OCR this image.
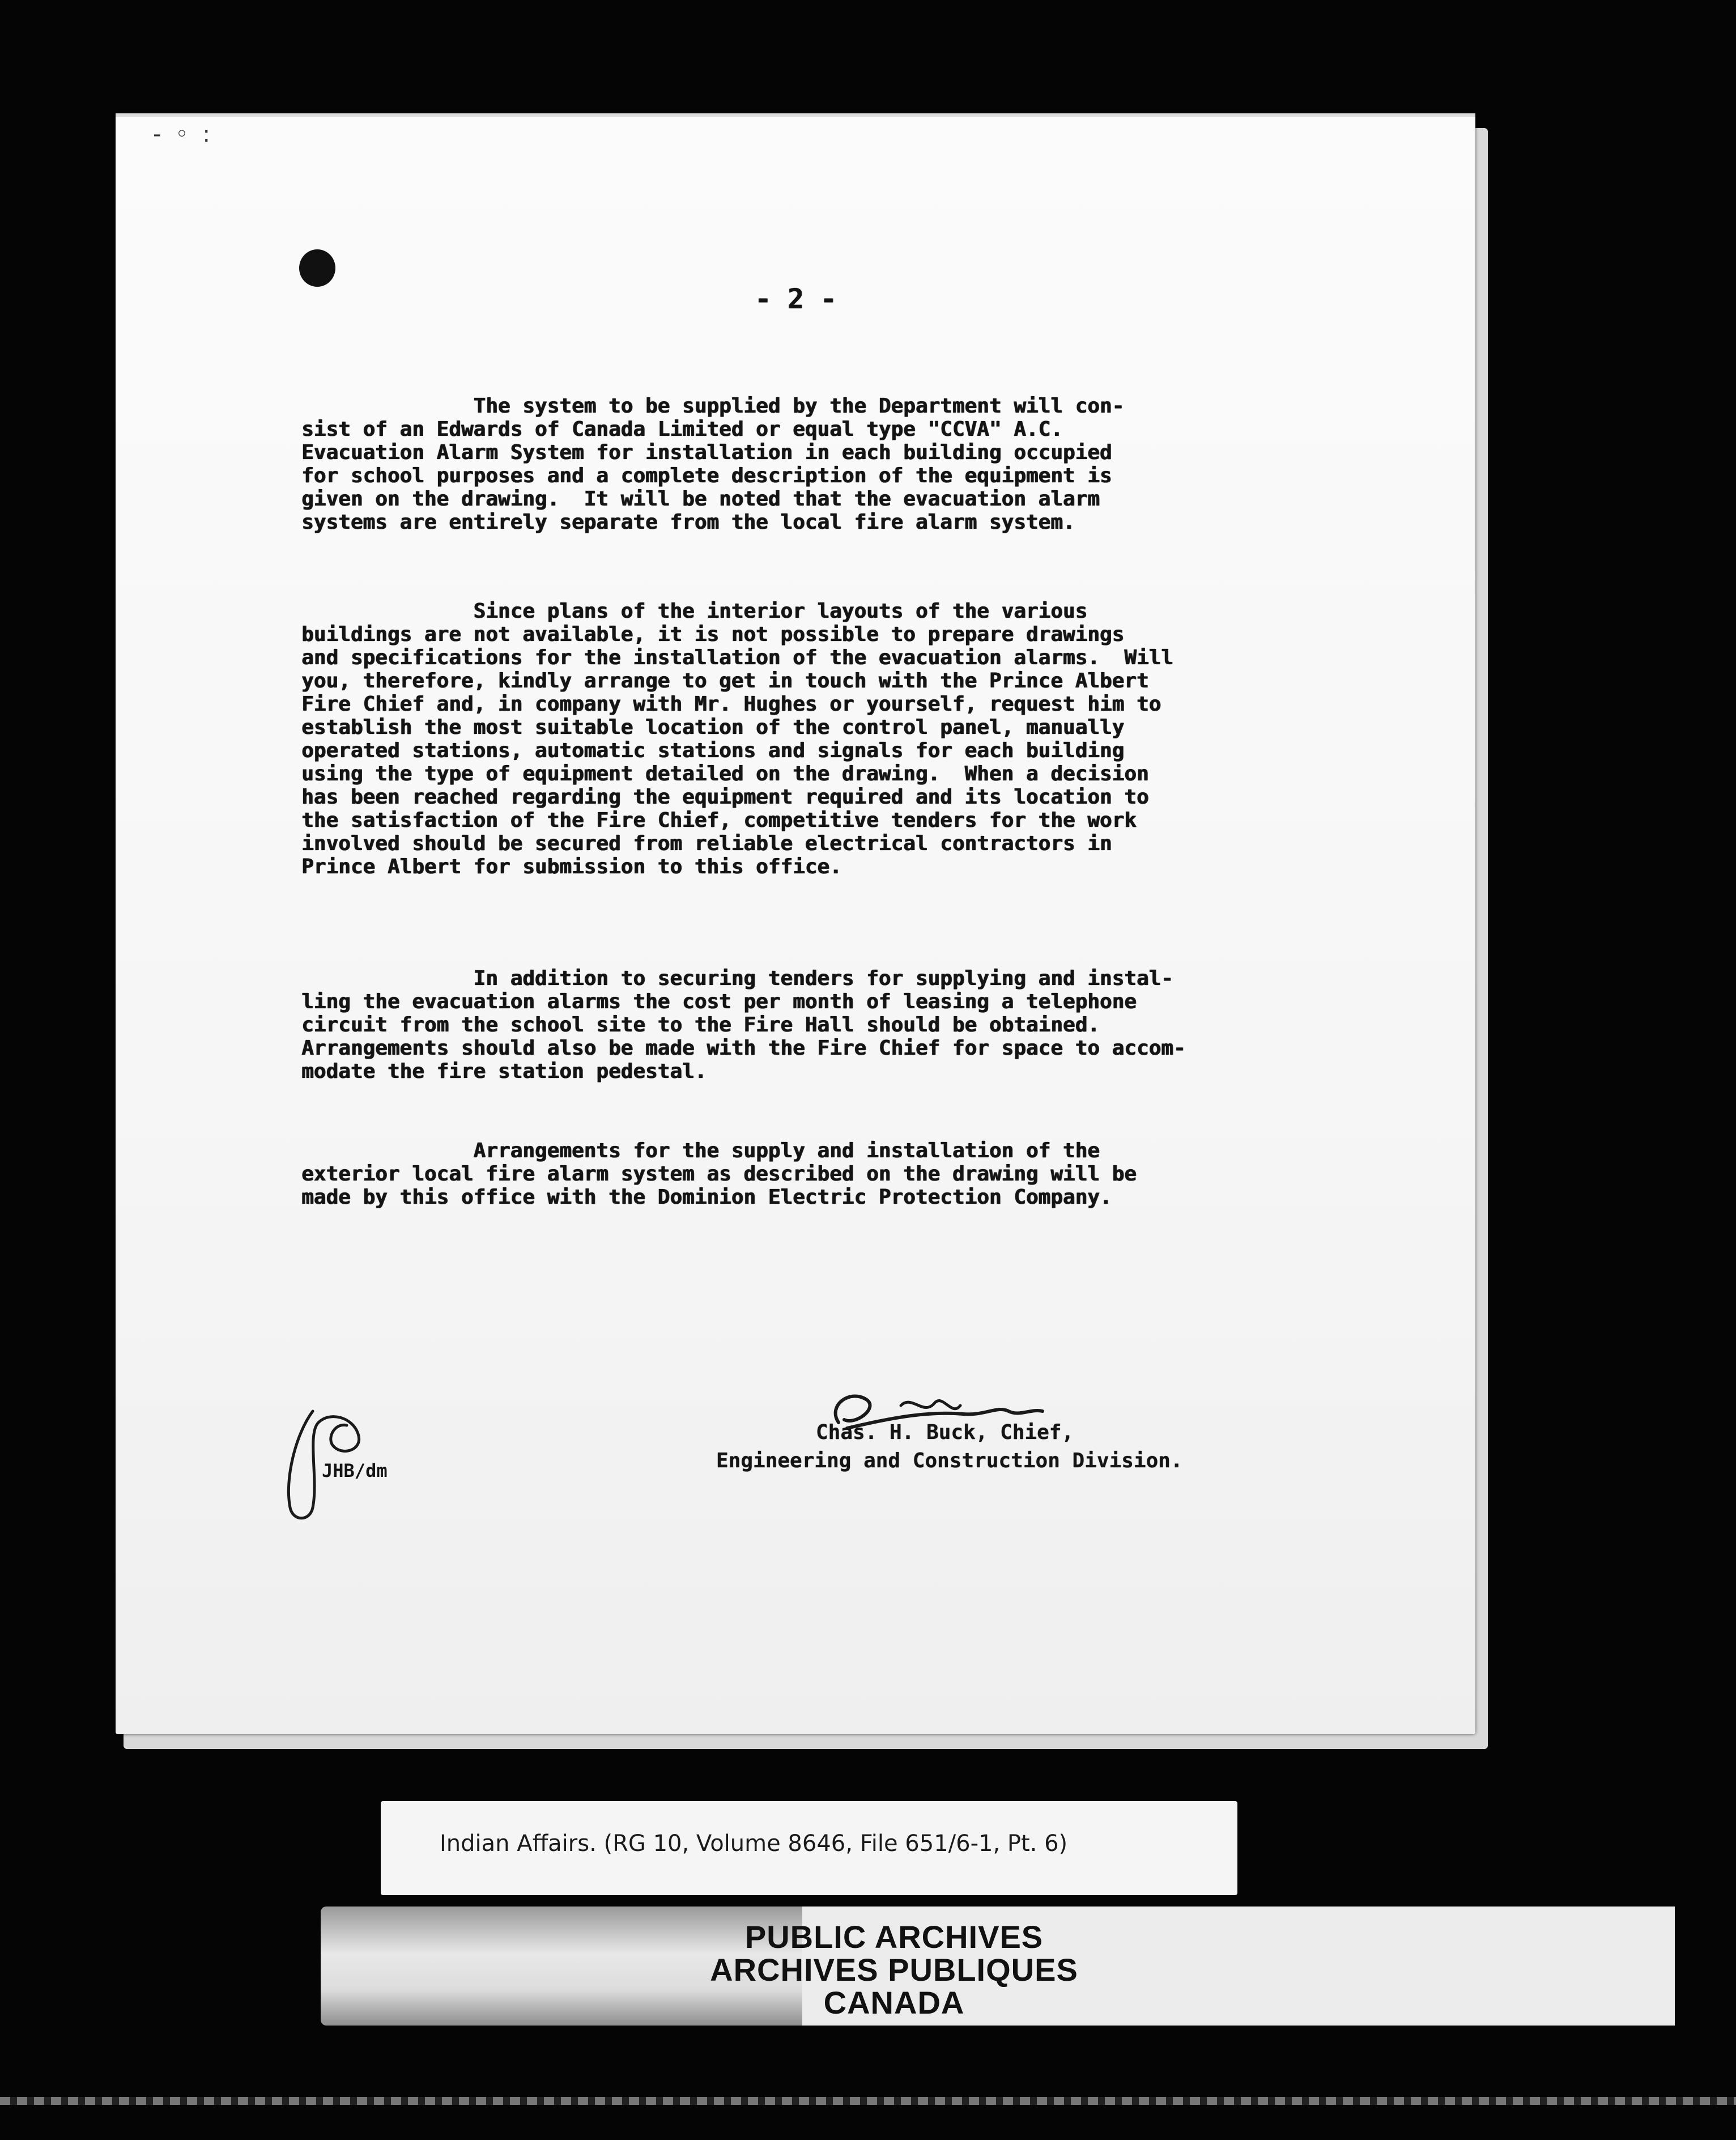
- ◦ :
- 2 -
The system to be supplied by the Department will con-
sist of an Edwards of Canada Limited or equal type "CCVA" A.C.
Evacuation Alarm System for installation in each building occupied
for school purposes and a complete description of the equipment is
given on the drawing.  It will be noted that the evacuation alarm
systems are entirely separate from the local fire alarm system.
Since plans of the interior layouts of the various
buildings are not available, it is not possible to prepare drawings
and specifications for the installation of the evacuation alarms.  Will
you, therefore, kindly arrange to get in touch with the Prince Albert
Fire Chief and, in company with Mr. Hughes or yourself, request him to
establish the most suitable location of the control panel, manually
operated stations, automatic stations and signals for each building
using the type of equipment detailed on the drawing.  When a decision
has been reached regarding the equipment required and its location to
the satisfaction of the Fire Chief, competitive tenders for the work
involved should be secured from reliable electrical contractors in
Prince Albert for submission to this office.
In addition to securing tenders for supplying and instal-
ling the evacuation alarms the cost per month of leasing a telephone
circuit from the school site to the Fire Hall should be obtained.
Arrangements should also be made with the Fire Chief for space to accom-
modate the fire station pedestal.
Arrangements for the supply and installation of the
exterior local fire alarm system as described on the drawing will be
made by this office with the Dominion Electric Protection Company.
Chas. H. Buck, Chief,
Engineering and Construction Division.
JHB/dm
Indian Affairs. (RG 10, Volume 8646, File 651/6-1, Pt. 6)
PUBLIC ARCHIVES
ARCHIVES PUBLIQUES
CANADA
